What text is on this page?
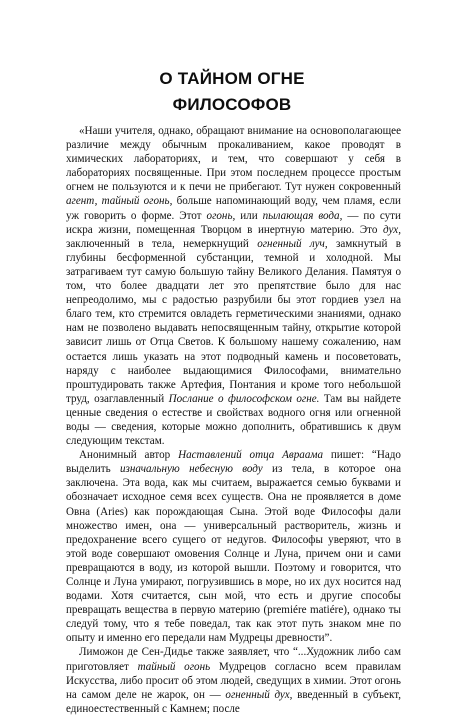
О ТАЙНОМ ОГНЕ
ФИЛОСОФОВ

«Наши учителя, однако, обращают внимание на основополагающее различие между обычным прокаливанием, какое проводят в химических лабораториях, и тем, что совершают у себя в лабораториях посвященные. При этом последнем процессе простым огнем не пользуются и к печи не прибегают. Тут нужен сокровенный агент, тайный огонь, больше напоминающий воду, чем пламя, если уж говорить о форме. Этот огонь, или пылающая вода, — по сути искра жизни, помещенная Творцом в инертную материю. Это дух, заключенный в тела, немеркнущий огненный луч, замкнутый в глубины бесформенной субстанции, темной и холодной. Мы затрагиваем тут самую большую тайну Великого Делания. Памятуя о том, что более двадцати лет это препятствие было для нас непреодолимо, мы с радостью разрубили бы этот гордиев узел на благо тем, кто стремится овладеть герметическими знаниями, однако нам не позволено выдавать непосвященным тайну, открытие которой зависит лишь от Отца Светов. К большому нашему сожалению, нам остается лишь указать на этот подводный камень и посоветовать, наряду с наиболее выдающимися Философами, внимательно проштудировать также Артефия, Понтания и кроме того небольшой труд, озаглавленный Послание о философском огне. Там вы найдете ценные сведения о естестве и свойствах водного огня или огненной воды — сведения, которые можно дополнить, обратившись к двум следующим текстам.

Анонимный автор Наставлений отца Авраама пишет: “Надо выделить изначальную небесную воду из тела, в которое она заключена. Эта вода, как мы считаем, выражается семью буквами и обозначает исходное семя всех существ. Она не проявляется в доме Овна (Aries) как порождающая Сына. Этой воде Философы дали множество имен, она — универсальный растворитель, жизнь и предохранение всего сущего от недугов. Философы уверяют, что в этой воде совершают омовения Солнце и Луна, причем они и сами превращаются в воду, из которой вышли. Поэтому и говорится, что Солнце и Луна умирают, погрузившись в море, но их дух носится над водами. Хотя считается, сын мой, что есть и другие способы превращать вещества в первую материю (premiére matiére), однако ты следуй тому, что я тебе поведал, так как этот путь знаком мне по опыту и именно его передали нам Мудрецы древности”.

Лиможон де Сен-Дидье также заявляет, что “...Художник либо сам приготовляет тайный огонь Мудрецов согласно всем правилам Искусства, либо просит об этом людей, сведущих в химии. Этот огонь на самом деле не жарок, он — огненный дух, введенный в субъект, единоестественный с Камнем; после
